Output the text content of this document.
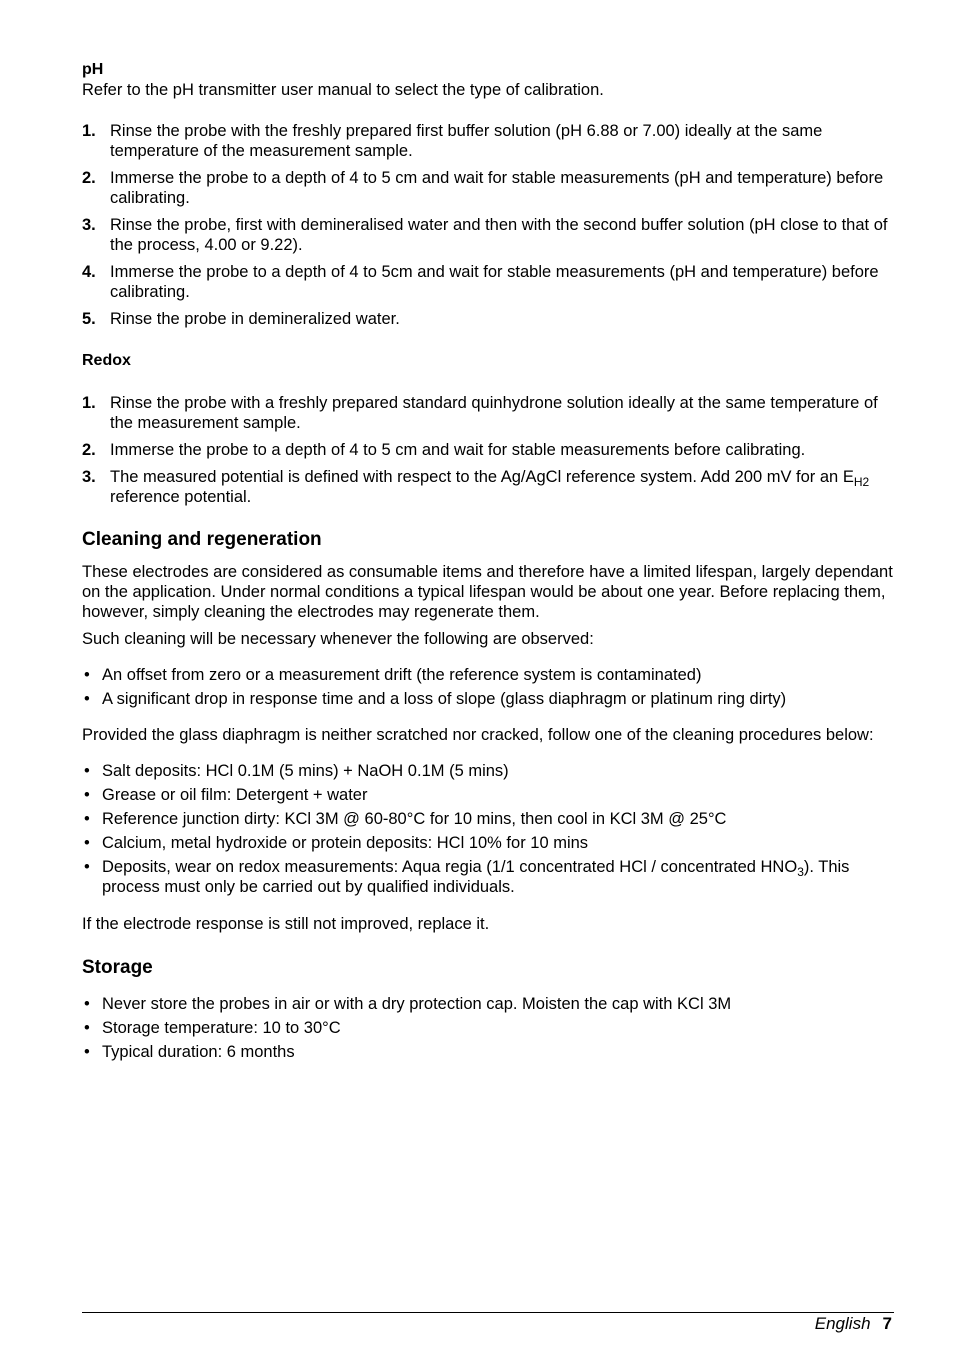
pH

Refer to the pH transmitter user manual to select the type of calibration.

1. Rinse the probe with the freshly prepared first buffer solution (pH 6.88 or 7.00) ideally at the same temperature of the measurement sample.
2. Immerse the probe to a depth of 4 to 5 cm and wait for stable measurements (pH and temperature) before calibrating.
3. Rinse the probe, first with demineralised water and then with the second buffer solution (pH close to that of the process, 4.00 or 9.22).
4. Immerse the probe to a depth of 4 to 5cm and wait for stable measurements (pH and temperature) before calibrating.
5. Rinse the probe in demineralized water.
Redox
1. Rinse the probe with a freshly prepared standard quinhydrone solution ideally at the same temperature of the measurement sample.
2. Immerse the probe to a depth of 4 to 5 cm and wait for stable measurements before calibrating.
3. The measured potential is defined with respect to the Ag/AgCl reference system. Add 200 mV for an $E_{H2}$ reference potential.
Cleaning and regeneration

These electrodes are considered as consumable items and therefore have a limited lifespan, largely dependant on the application. Under normal conditions a typical lifespan would be about one year. Before replacing them, however, simply cleaning the electrodes may regenerate them.

Such cleaning will be necessary whenever the following are observed:

• An offset from zero or a measurement drift (the reference system is contaminated)
• A significant drop in response time and a loss of slope (glass diaphragm or platinum ring dirty)

Provided the glass diaphragm is neither scratched nor cracked, follow one of the cleaning procedures below:

• Salt deposits: HCl 0.1M (5 mins) + NaOH 0.1M (5 mins)
• Grease or oil film: Detergent + water
• Reference junction dirty: KCl 3M @ 60-80°C for 10 mins, then cool in KCl 3M @ 25°C
• Calcium, metal hydroxide or protein deposits: HCl 10% for 10 mins
• Deposits, wear on redox measurements: Aqua regia (1/1 concentrated HCl / concentrated $HNO_3$). This process must only be carried out by qualified individuals.

If the electrode response is still not improved, replace it.

Storage
• Never store the probes in air or with a dry protection cap. Moisten the cap with KCl 3M
• Storage temperature: 10 to 30°C
• Typical duration: 6 months
English 7
